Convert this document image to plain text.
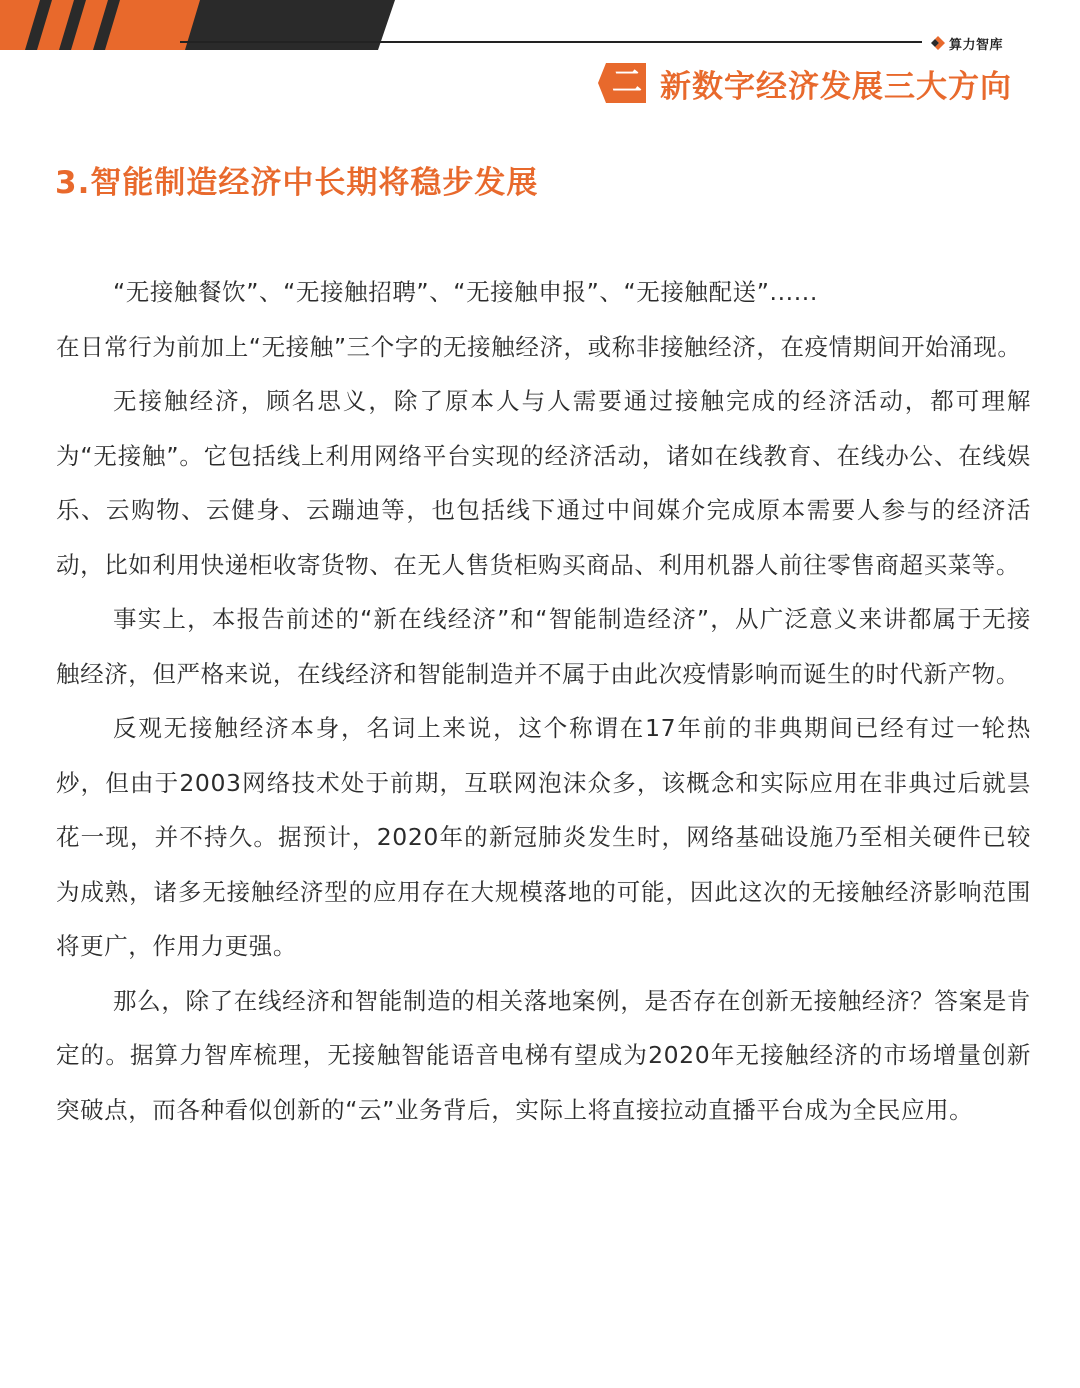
算力智库
二 新数字经济发展三大方向
3.智能制造经济中长期将稳步发展

“无接触餐饮”、“无接触招聘”、“无接触申报”、“无接触配送”......

在日常行为前加上“无接触”三个字的无接触经济，或称非接触经济，在疫情期间开始涌现。

无接触经济，顾名思义，除了原本人与人需要通过接触完成的经济活动，都可理解为“无接触”。它包括线上利用网络平台实现的经济活动，诸如在线教育、在线办公、在线娱乐、云购物、云健身、云蹦迪等，也包括线下通过中间媒介完成原本需要人参与的经济活动，比如利用快递柜收寄货物、在无人售货柜购买商品、利用机器人前往零售商超买菜等。

事实上，本报告前述的“新在线经济”和“智能制造经济”，从广泛意义来讲都属于无接触经济，但严格来说，在线经济和智能制造并不属于由此次疫情影响而诞生的时代新产物。

反观无接触经济本身，名词上来说，这个称谓在17年前的非典期间已经有过一轮热炒，但由于2003网络技术处于前期，互联网泡沫众多，该概念和实际应用在非典过后就昙花一现，并不持久。据预计，2020年的新冠肺炎发生时，网络基础设施乃至相关硬件已较为成熟，诸多无接触经济型的应用存在大规模落地的可能，因此这次的无接触经济影响范围将更广，作用力更强。

那么，除了在线经济和智能制造的相关落地案例，是否存在创新无接触经济？答案是肯定的。据算力智库梳理，无接触智能语音电梯有望成为2020年无接触经济的市场增量创新突破点，而各种看似创新的“云”业务背后，实际上将直接拉动直播平台成为全民应用。
